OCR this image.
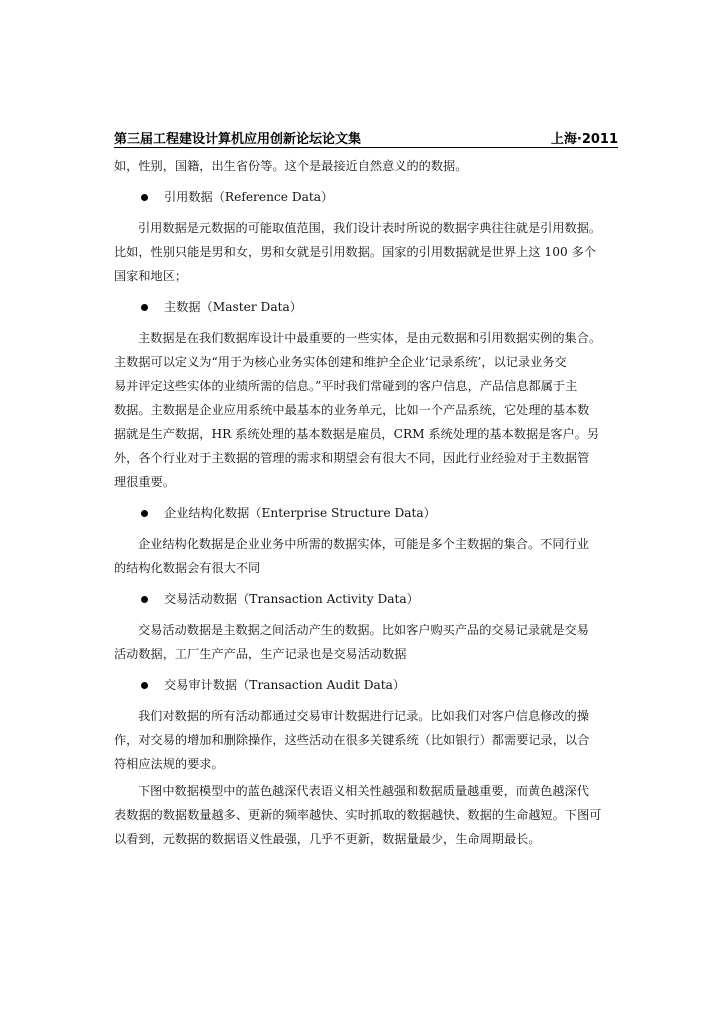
第三届工程建设计算机应用创新论坛论文集	上海·2011
如，性别，国籍，出生省份等。这个是最接近自然意义的的数据。
引用数据（Reference Data）
引用数据是元数据的可能取值范围，我们设计表时所说的数据字典往往就是引用数据。
比如，性别只能是男和女，男和女就是引用数据。国家的引用数据就是世界上这 100 多个
国家和地区；
主数据（Master Data）
主数据是在我们数据库设计中最重要的一些实体，是由元数据和引用数据实例的集合。
主数据可以定义为“用于为核心业务实体创建和维护全企业‘记录系统’，以记录业务交
易并评定这些实体的业绩所需的信息。”平时我们常碰到的客户信息，产品信息都属于主
数据。主数据是企业应用系统中最基本的业务单元，比如一个产品系统，它处理的基本数
据就是生产数据，HR 系统处理的基本数据是雇员，CRM 系统处理的基本数据是客户。另
外，各个行业对于主数据的管理的需求和期望会有很大不同，因此行业经验对于主数据管
理很重要。
企业结构化数据（Enterprise Structure Data）
企业结构化数据是企业业务中所需的数据实体，可能是多个主数据的集合。不同行业
的结构化数据会有很大不同
交易活动数据（Transaction Activity Data）
交易活动数据是主数据之间活动产生的数据。比如客户购买产品的交易记录就是交易
活动数据，工厂生产产品，生产记录也是交易活动数据
交易审计数据（Transaction Audit Data）
我们对数据的所有活动都通过交易审计数据进行记录。比如我们对客户信息修改的操
作，对交易的增加和删除操作，这些活动在很多关键系统（比如银行）都需要记录，以合
符相应法规的要求。
下图中数据模型中的蓝色越深代表语义相关性越强和数据质量越重要，而黄色越深代
表数据的数据数量越多、更新的频率越快、实时抓取的数据越快、数据的生命越短。下图可
以看到，元数据的数据语义性最强，几乎不更新，数据量最少，生命周期最长。
